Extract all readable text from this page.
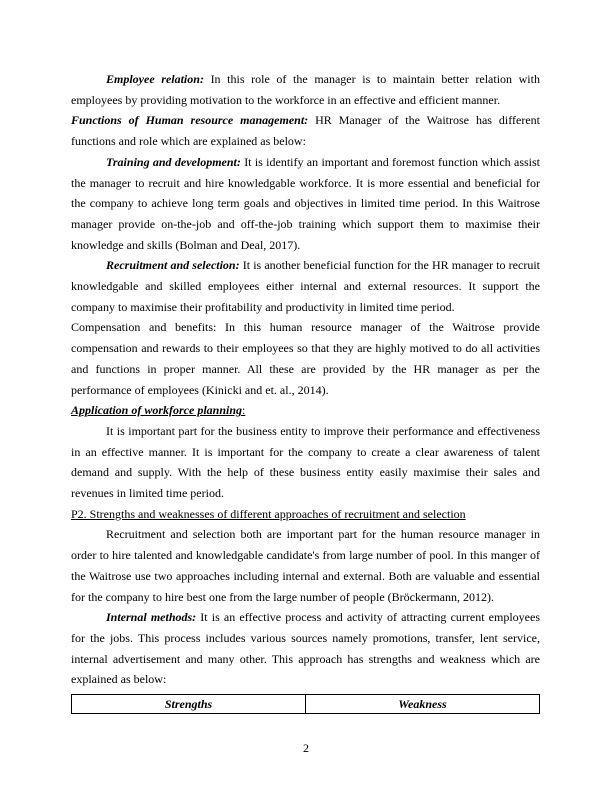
Employee relation: In this role of the manager is to maintain better relation with employees by providing motivation to the workforce in an effective and efficient manner.

Functions of Human resource management: HR Manager of the Waitrose has different functions and role which are explained as below:

Training and development: It is identify an important and foremost function which assist the manager to recruit and hire knowledgable workforce. It is more essential and beneficial for the company to achieve long term goals and objectives in limited time period. In this Waitrose manager provide on-the-job and off-the-job training which support them to maximise their knowledge and skills (Bolman and Deal, 2017).

Recruitment and selection: It is another beneficial function for the HR manager to recruit knowledgable and skilled employees either internal and external resources. It support the company to maximise their profitability and productivity in limited time period.

Compensation and benefits: In this human resource manager of the Waitrose provide compensation and rewards to their employees so that they are highly motived to do all activities and functions in proper manner. All these are provided by the HR manager as per the performance of employees (Kinicki and et. al., 2014).

Application of workforce planning:

It is important part for the business entity to improve their performance and effectiveness in an effective manner. It is important for the company to create a clear awareness of talent demand and supply. With the help of these business entity easily maximise their sales and revenues in limited time period.

P2. Strengths and weaknesses of different approaches of recruitment and selection

Recruitment and selection both are important part for the human resource manager in order to hire talented and knowledgable candidate's from large number of pool. In this manger of the Waitrose use two approaches including internal and external. Both are valuable and essential for the company to hire best one from the large number of people (Bröckermann, 2012).

Internal methods: It is an effective process and activity of attracting current employees for the jobs. This process includes various sources namely promotions, transfer, lent service, internal advertisement and many other. This approach has strengths and weakness which are explained as below:

Strengths	Weakness
2
